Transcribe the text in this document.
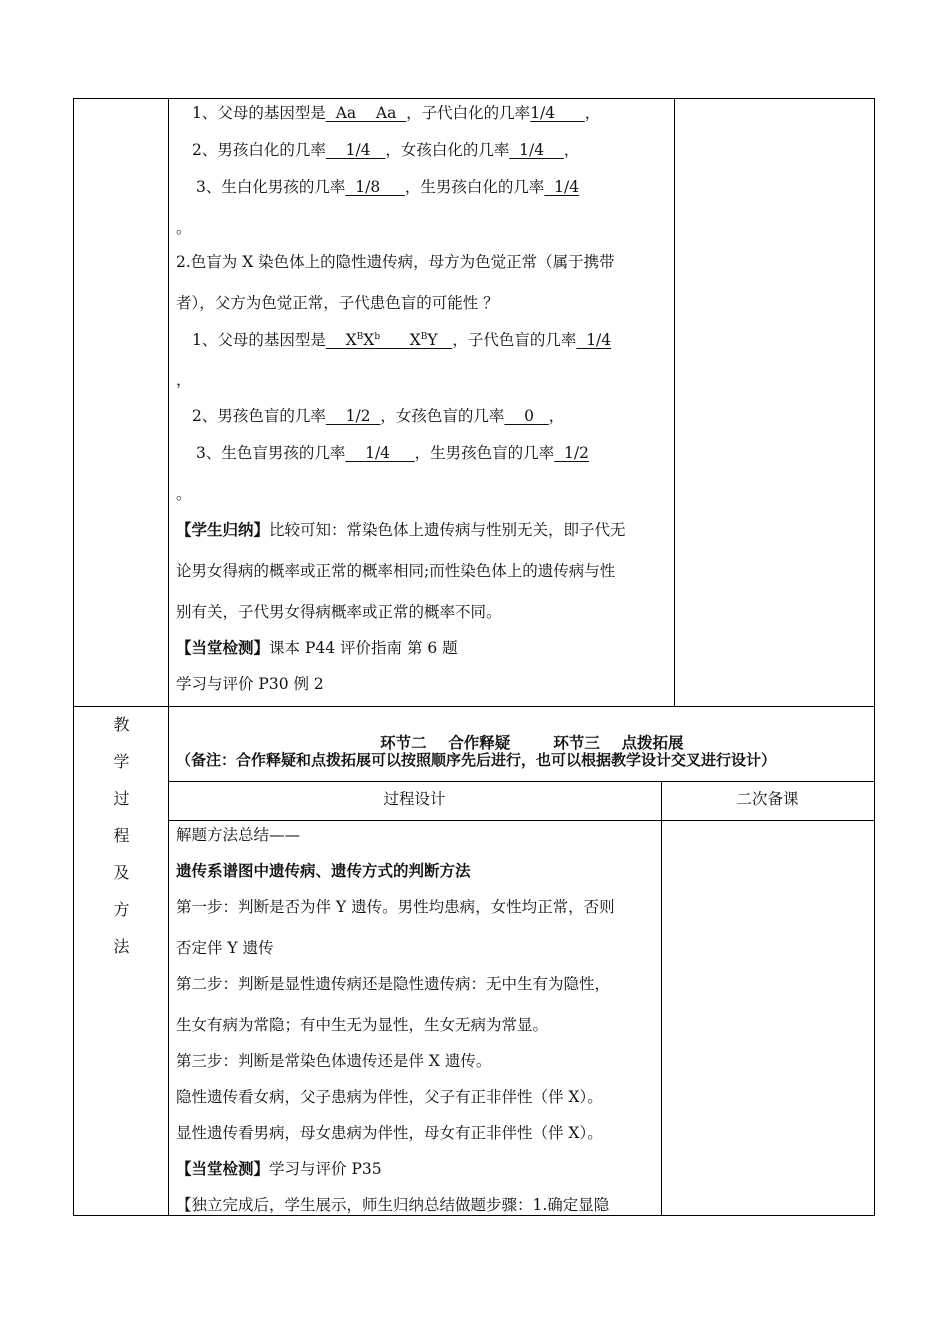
1、父母的基因型是  Aa    Aa  ，子代白化的几率1/4      ，
2、男孩白化的几率    1/4   ，女孩白化的几率  1/4    ，
3、生白化男孩的几率  1/8     ，生男孩白化的几率  1/4
。
2.色盲为 X 染色体上的隐性遗传病，母方为色觉正常（属于携带
者），父方为色觉正常，子代患色盲的可能性 ？
1、父母的基因型是 $X^BX^b$ $X^BY$ ，子代色盲的几率  1/4
，
2、男孩色盲的几率    1/2  ，女孩色盲的几率    0   ，
3、生色盲男孩的几率    1/4     ，生男孩色盲的几率  1/2
。
【学生归纳】比较可知：常染色体上遗传病与性别无关，即子代无
论男女得病的概率或正常的概率相同;而性染色体上的遗传病与性
别有关，子代男女得病概率或正常的概率不同。
【当堂检测】课本 P44 评价指南 第 6 题
学习与评价 P30 例 2
教
学
过
程
及
方
法

环节二    合作释疑	环节三    点拨拓展

（备注：合作释疑和点拨拓展可以按照顺序先后进行，也可以根据教学设计交叉进行设计）
过程设计	二次备课
解题方法总结——
遗传系谱图中遗传病、遗传方式的判断方法
第一步：判断是否为伴 Y 遗传。男性均患病，女性均正常，否则
否定伴 Y 遗传
第二步：判断是显性遗传病还是隐性遗传病：无中生有为隐性，
生女有病为常隐；有中生无为显性，生女无病为常显。
第三步：判断是常染色体遗传还是伴 X 遗传。
隐性遗传看女病，父子患病为伴性，父子有正非伴性（伴 X）。
显性遗传看男病，母女患病为伴性，母女有正非伴性（伴 X）。
【当堂检测】学习与评价 P35
【独立完成后，学生展示，师生归纳总结做题步骤：1.确定显隐
